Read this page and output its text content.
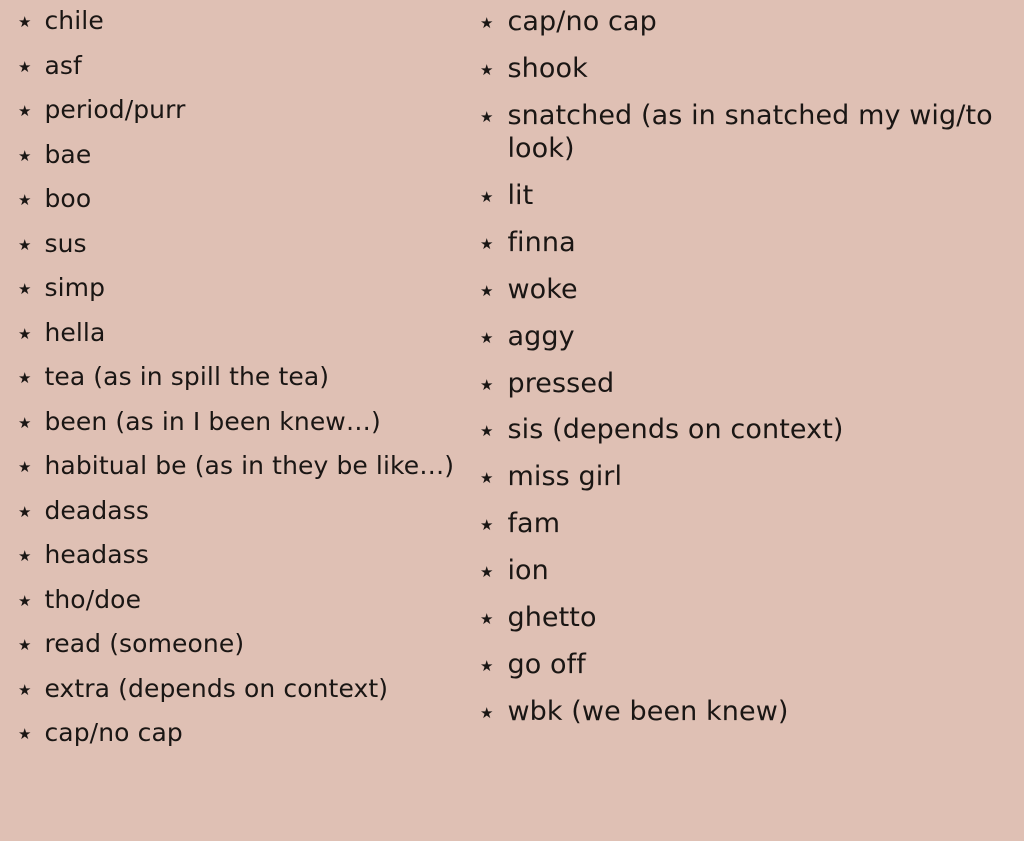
★ chile
★ asf
★ period/purr
★ bae
★ boo
★ sus
★ simp
★ hella
★ tea (as in spill the tea)
★ been (as in I been knew…)
★ habitual be (as in they be like…)
★ deadass
★ headass
★ tho/doe
★ read (someone)
★ extra (depends on context)
★ cap/no cap
★ cap/no cap
★ shook
★ snatched (as in snatched my wig/to look)
★ lit
★ finna
★ woke
★ aggy
★ pressed
★ sis (depends on context)
★ miss girl
★ fam
★ ion
★ ghetto
★ go off
★ wbk (we been knew)
